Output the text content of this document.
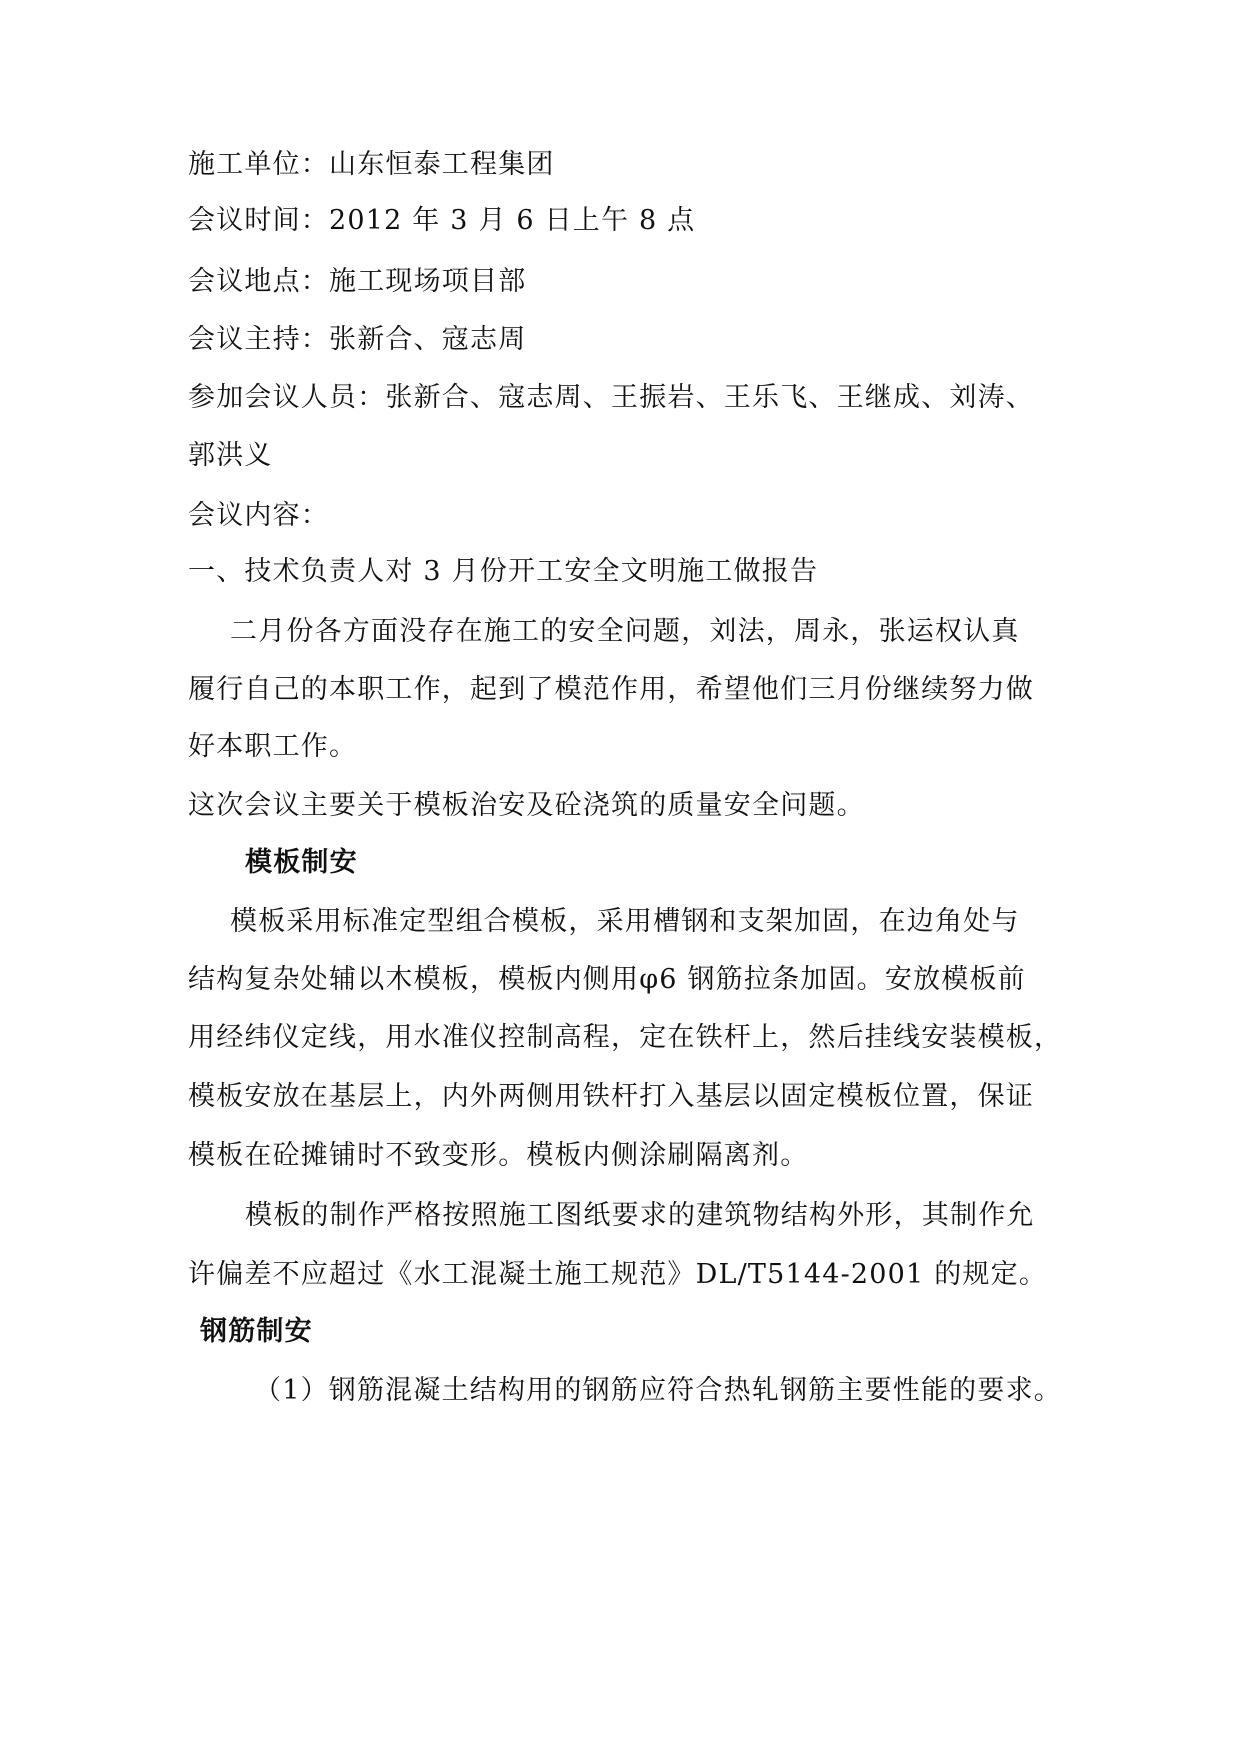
施工单位：山东恒泰工程集团

会议时间：2012 年 3 月 6 日上午 8 点

会议地点：施工现场项目部

会议主持：张新合、寇志周

参加会议人员：张新合、寇志周、王振岩、王乐飞、王继成、刘涛、

郭洪义

会议内容：

一、技术负责人对 3 月份开工安全文明施工做报告

二月份各方面没存在施工的安全问题，刘法，周永，张运权认真

履行自己的本职工作，起到了模范作用，希望他们三月份继续努力做

好本职工作。

这次会议主要关于模板治安及砼浇筑的质量安全问题。

模板制安

模板采用标准定型组合模板，采用槽钢和支架加固，在边角处与

结构复杂处辅以木模板，模板内侧用φ6 钢筋拉条加固。安放模板前

用经纬仪定线，用水准仪控制高程，定在铁杆上，然后挂线安装模板，

模板安放在基层上，内外两侧用铁杆打入基层以固定模板位置，保证

模板在砼摊铺时不致变形。模板内侧涂刷隔离剂。

模板的制作严格按照施工图纸要求的建筑物结构外形，其制作允

许偏差不应超过《水工混凝土施工规范》DL/T5144-2001 的规定。

钢筋制安

（1）钢筋混凝土结构用的钢筋应符合热轧钢筋主要性能的要求。
